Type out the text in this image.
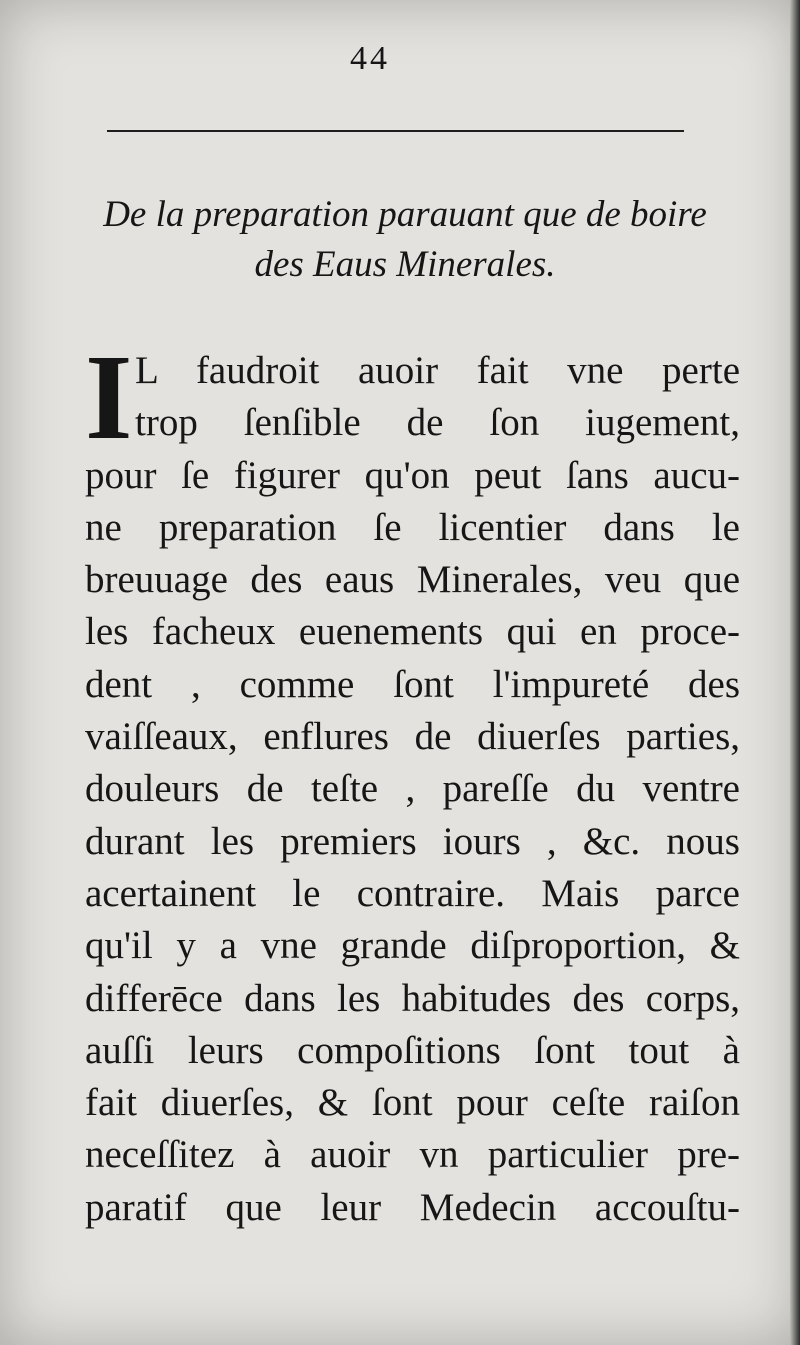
44
De la preparation parauant que de boire
des Eaus Minerales.
I L faudroit auoir fait vne perte
trop ſenſible de ſon iugement,
pour ſe figurer qu'on peut ſans aucu-
ne preparation ſe licentier dans le
breuuage des eaus Minerales, veu que
les facheux euenements qui en proce-
dent , comme ſont l'impureté des
vaiſſeaux, enflures de diuerſes parties,
douleurs de teſte , pareſſe du ventre
durant les premiers iours , &c. nous
acertainent le contraire. Mais parce
qu'il y a vne grande diſproportion, &
differēce dans les habitudes des corps,
auſſi leurs compoſitions ſont tout à
fait diuerſes, & ſont pour ceſte raiſon
neceſſitez à auoir vn particulier pre-
paratif que leur Medecin accouſtu-
